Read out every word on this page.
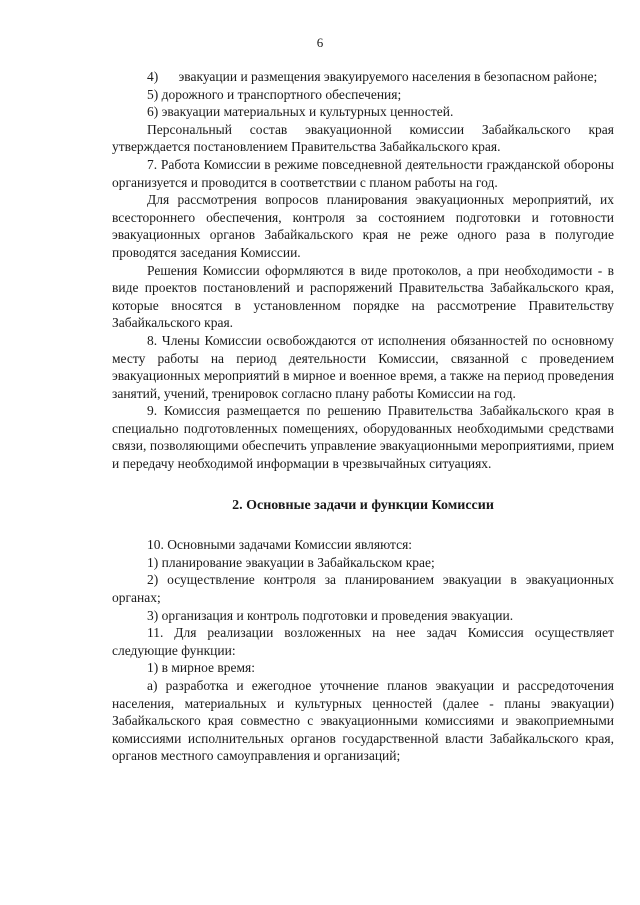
6

4)      эвакуации и размещения эвакуируемого населения в безопасном районе;

5) дорожного и транспортного обеспечения;

6) эвакуации материальных и культурных ценностей.

Персональный состав эвакуационной комиссии Забайкальского края утверждается постановлением Правительства Забайкальского края.

7. Работа Комиссии в режиме повседневной деятельности гражданской обороны организуется и проводится в соответствии с планом работы на год.

Для рассмотрения вопросов планирования эвакуационных мероприятий, их всестороннего обеспечения, контроля за состоянием подготовки и готовности эвакуационных органов Забайкальского края не реже одного раза в полугодие проводятся заседания Комиссии.

Решения Комиссии оформляются в виде протоколов, а при необходимости - в виде проектов постановлений и распоряжений Правительства Забайкальского края, которые вносятся в установленном порядке на рассмотрение Правительству Забайкальского края.

8. Члены Комиссии освобождаются от исполнения обязанностей по основному месту работы на период деятельности Комиссии, связанной с проведением эвакуационных мероприятий в мирное и военное время, а также на период проведения занятий, учений, тренировок согласно плану работы Комиссии на год.

9. Комиссия размещается по решению Правительства Забайкальского края в специально подготовленных помещениях, оборудованных необходимыми средствами связи, позволяющими обеспечить управление эвакуационными мероприятиями, прием и передачу необходимой информации в чрезвычайных ситуациях.

2. Основные задачи и функции Комиссии

10. Основными задачами Комиссии являются:

1) планирование эвакуации в Забайкальском крае;

2) осуществление контроля за планированием эвакуации в эвакуационных органах;

3) организация и контроль подготовки и проведения эвакуации.

11. Для реализации возложенных на нее задач Комиссия осуществляет следующие функции:

1) в мирное время:

а) разработка и ежегодное уточнение планов эвакуации и рассредоточения населения, материальных и культурных ценностей (далее - планы эвакуации) Забайкальского края совместно с эвакуационными комиссиями и эвакоприемными комиссиями исполнительных органов государственной власти Забайкальского края, органов местного самоуправления и организаций;
